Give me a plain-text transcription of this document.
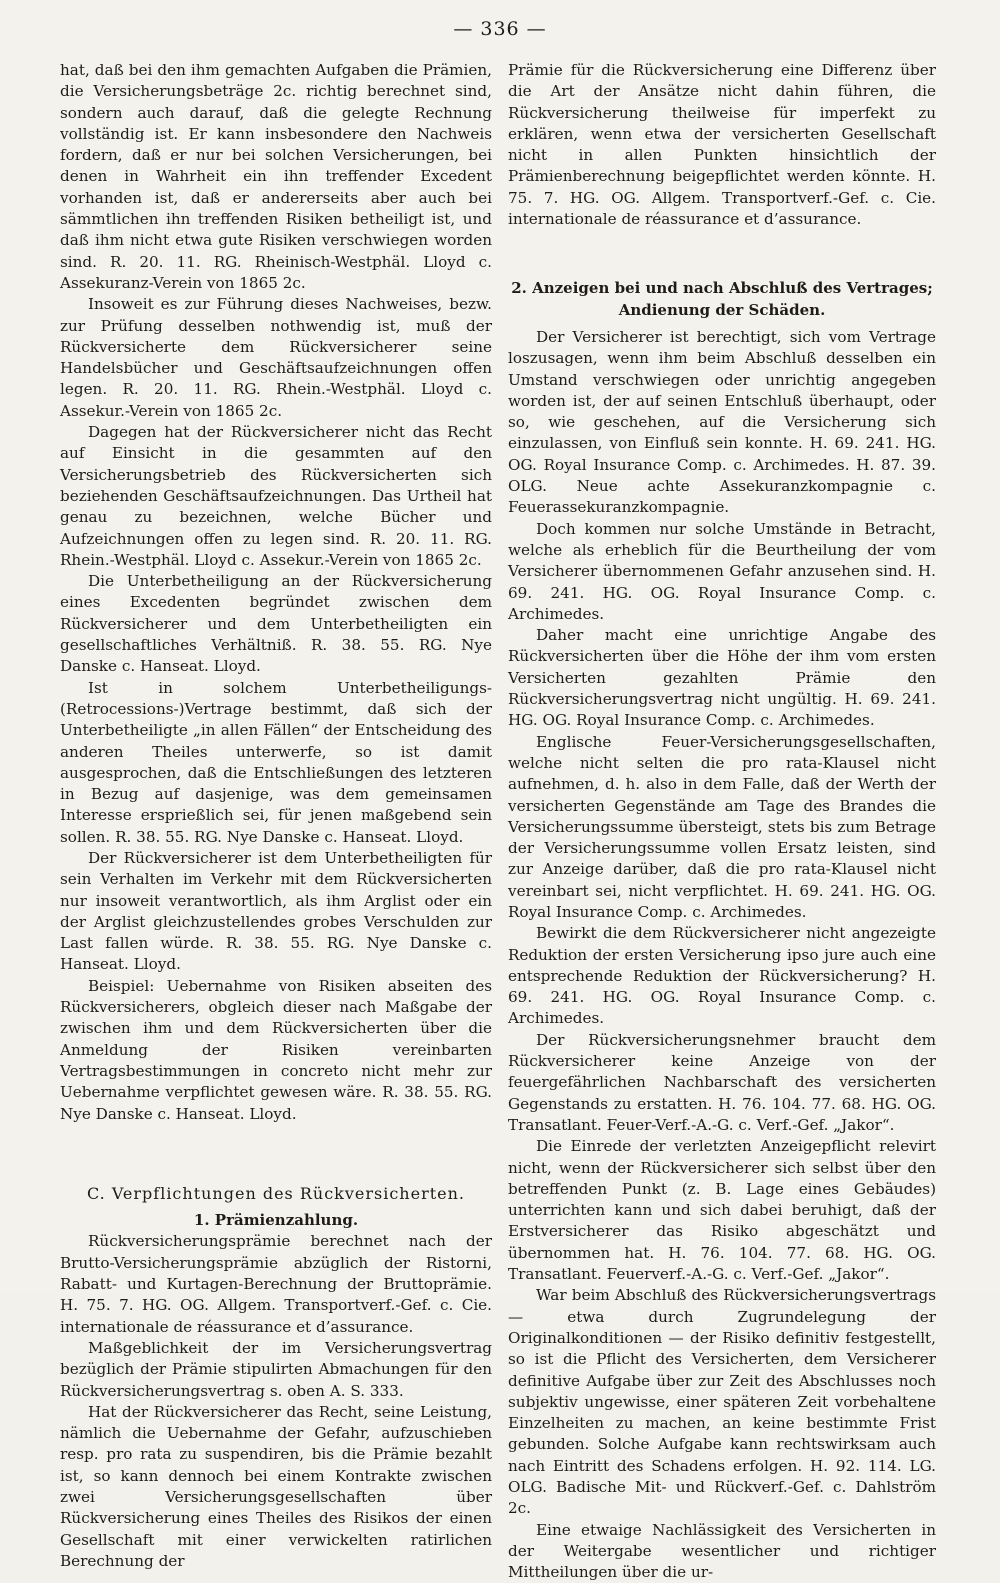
— 336 —

hat, daß bei den ihm gemachten Aufgaben die Prämien, die Versicherungsbeträge 2c. richtig berechnet sind, sondern auch darauf, daß die gelegte Rechnung vollständig ist. Er kann insbesondere den Nachweis fordern, daß er nur bei solchen Versicherungen, bei denen in Wahrheit ein ihn treffender Excedent vorhanden ist, daß er andererseits aber auch bei sämmtlichen ihn treffenden Risiken betheiligt ist, und daß ihm nicht etwa gute Risiken verschwiegen worden sind. R. 20. 11. RG. Rheinisch-Westphäl. Lloyd c. Assekuranz-Verein von 1865 2c.

Insoweit es zur Führung dieses Nachweises, bezw. zur Prüfung desselben nothwendig ist, muß der Rückversicherte dem Rückversicherer seine Handelsbücher und Geschäftsaufzeichnungen offen legen. R. 20. 11. RG. Rhein.-Westphäl. Lloyd c. Assekur.-Verein von 1865 2c.

Dagegen hat der Rückversicherer nicht das Recht auf Einsicht in die gesammten auf den Versicherungsbetrieb des Rückversicherten sich beziehenden Geschäftsaufzeichnungen. Das Urtheil hat genau zu bezeichnen, welche Bücher und Aufzeichnungen offen zu legen sind. R. 20. 11. RG. Rhein.-Westphäl. Lloyd c. Assekur.-Verein von 1865 2c.

Die Unterbetheiligung an der Rückversicherung eines Excedenten begründet zwischen dem Rückversicherer und dem Unterbetheiligten ein gesellschaftliches Verhältniß. R. 38. 55. RG. Nye Danske c. Hanseat. Lloyd.

Ist in solchem Unterbetheiligungs-(Retrocessions-)Vertrage bestimmt, daß sich der Unterbetheiligte „in allen Fällen“ der Entscheidung des anderen Theiles unterwerfe, so ist damit ausgesprochen, daß die Entschließungen des letzteren in Bezug auf dasjenige, was dem gemeinsamen Interesse ersprießlich sei, für jenen maßgebend sein sollen. R. 38. 55. RG. Nye Danske c. Hanseat. Lloyd.

Der Rückversicherer ist dem Unterbetheiligten für sein Verhalten im Verkehr mit dem Rückversicherten nur insoweit verantwortlich, als ihm Arglist oder ein der Arglist gleichzustellendes grobes Verschulden zur Last fallen würde. R. 38. 55. RG. Nye Danske c. Hanseat. Lloyd.

Beispiel: Uebernahme von Risiken abseiten des Rückversicherers, obgleich dieser nach Maßgabe der zwischen ihm und dem Rückversicherten über die Anmeldung der Risiken vereinbarten Vertragsbestimmungen in concreto nicht mehr zur Uebernahme verpflichtet gewesen wäre. R. 38. 55. RG. Nye Danske c. Hanseat. Lloyd.

C. Verpflichtungen des Rückversicherten.

1. Prämienzahlung.

Rückversicherungsprämie berechnet nach der Brutto-Versicherungsprämie abzüglich der Ristorni, Rabatt- und Kurtagen-Berechnung der Bruttoprämie. H. 75. 7. HG. OG. Allgem. Transportverf.-Gef. c. Cie. internationale de réassurance et d’assurance.

Maßgeblichkeit der im Versicherungsvertrag bezüglich der Prämie stipulirten Abmachungen für den Rückversicherungsvertrag s. oben A. S. 333.

Hat der Rückversicherer das Recht, seine Leistung, nämlich die Uebernahme der Gefahr, aufzuschieben resp. pro rata zu suspendiren, bis die Prämie bezahlt ist, so kann dennoch bei einem Kontrakte zwischen zwei Versicherungsgesellschaften über Rückversicherung eines Theiles des Risikos der einen Gesellschaft mit einer verwickelten ratirlichen Berechnung der

Prämie für die Rückversicherung eine Differenz über die Art der Ansätze nicht dahin führen, die Rückversicherung theilweise für imperfekt zu erklären, wenn etwa der versicherten Gesellschaft nicht in allen Punkten hinsichtlich der Prämienberechnung beigepflichtet werden könnte. H. 75. 7. HG. OG. Allgem. Transportverf.-Gef. c. Cie. internationale de réassurance et d’assurance.

2. Anzeigen bei und nach Abschluß des Vertrages; Andienung der Schäden.

Der Versicherer ist berechtigt, sich vom Vertrage loszusagen, wenn ihm beim Abschluß desselben ein Umstand verschwiegen oder unrichtig angegeben worden ist, der auf seinen Entschluß überhaupt, oder so, wie geschehen, auf die Versicherung sich einzulassen, von Einfluß sein konnte. H. 69. 241. HG. OG. Royal Insurance Comp. c. Archimedes. H. 87. 39. OLG. Neue achte Assekuranzkompagnie c. Feuerassekuranzkompagnie.

Doch kommen nur solche Umstände in Betracht, welche als erheblich für die Beurtheilung der vom Versicherer übernommenen Gefahr anzusehen sind. H. 69. 241. HG. OG. Royal Insurance Comp. c. Archimedes.

Daher macht eine unrichtige Angabe des Rückversicherten über die Höhe der ihm vom ersten Versicherten gezahlten Prämie den Rückversicherungsvertrag nicht ungültig. H. 69. 241. HG. OG. Royal Insurance Comp. c. Archimedes.

Englische Feuer-Versicherungsgesellschaften, welche nicht selten die pro rata-Klausel nicht aufnehmen, d. h. also in dem Falle, daß der Werth der versicherten Gegenstände am Tage des Brandes die Versicherungssumme übersteigt, stets bis zum Betrage der Versicherungssumme vollen Ersatz leisten, sind zur Anzeige darüber, daß die pro rata-Klausel nicht vereinbart sei, nicht verpflichtet. H. 69. 241. HG. OG. Royal Insurance Comp. c. Archimedes.

Bewirkt die dem Rückversicherer nicht angezeigte Reduktion der ersten Versicherung ipso jure auch eine entsprechende Reduktion der Rückversicherung? H. 69. 241. HG. OG. Royal Insurance Comp. c. Archimedes.

Der Rückversicherungsnehmer braucht dem Rückversicherer keine Anzeige von der feuergefährlichen Nachbarschaft des versicherten Gegenstands zu erstatten. H. 76. 104. 77. 68. HG. OG. Transatlant. Feuer-Verf.-A.-G. c. Verf.-Gef. „Jakor“.

Die Einrede der verletzten Anzeigepflicht relevirt nicht, wenn der Rückversicherer sich selbst über den betreffenden Punkt (z. B. Lage eines Gebäudes) unterrichten kann und sich dabei beruhigt, daß der Erstversicherer das Risiko abgeschätzt und übernommen hat. H. 76. 104. 77. 68. HG. OG. Transatlant. Feuerverf.-A.-G. c. Verf.-Gef. „Jakor“.

War beim Abschluß des Rückversicherungsvertrags — etwa durch Zugrundelegung der Originalkonditionen — der Risiko definitiv festgestellt, so ist die Pflicht des Versicherten, dem Versicherer definitive Aufgabe über zur Zeit des Abschlusses noch subjektiv ungewisse, einer späteren Zeit vorbehaltene Einzelheiten zu machen, an keine bestimmte Frist gebunden. Solche Aufgabe kann rechtswirksam auch nach Eintritt des Schadens erfolgen. H. 92. 114. LG. OLG. Badische Mit- und Rückverf.-Gef. c. Dahlström 2c.

Eine etwaige Nachlässigkeit des Versicherten in der Weitergabe wesentlicher und richtiger Mittheilungen über die ur-
